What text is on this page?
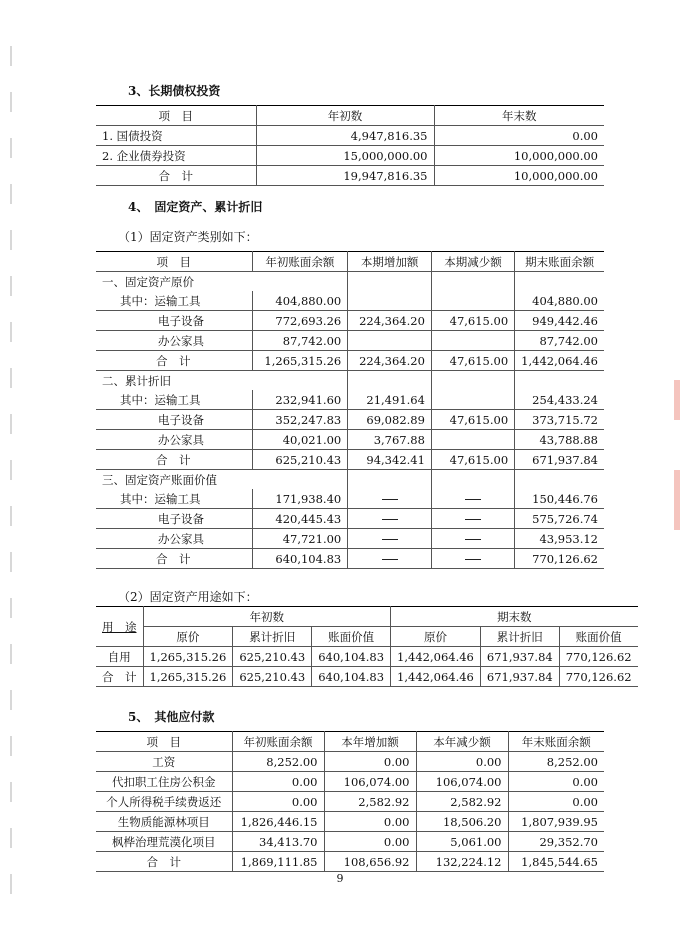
3、长期债权投资
项　目	年初数	年末数
1. 国债投资	4,947,816.35	0.00
2. 企业债券投资	15,000,000.00	10,000,000.00
合　计	19,947,816.35	10,000,000.00
4、　固定资产、累计折旧
（1）固定资产类别如下：
项　目	年初账面余额	本期增加额	本期减少额	期末账面余额
一、固定资产原价				
其中：运输工具	404,880.00			404,880.00
电子设备	772,693.26	224,364.20	47,615.00	949,442.46
办公家具	87,742.00			87,742.00
合　计	1,265,315.26	224,364.20	47,615.00	1,442,064.46
二、累计折旧				
其中：运输工具	232,941.60	21,491.64		254,433.24
电子设备	352,247.83	69,082.89	47,615.00	373,715.72
办公家具	40,021.00	3,767.88		43,788.88
合　计	625,210.43	94,342.41	47,615.00	671,937.84
三、固定资产账面价值				
其中：运输工具	171,938.40			150,446.76
电子设备	420,445.43			575,726.74
办公家具	47,721.00			43,953.12
合　计	640,104.83			770,126.62
（2）固定资产用途如下：
用　途	年初数			期末数		
	原价	累计折旧	账面价值	原价	累计折旧	账面价值
自用	1,265,315.26	625,210.43	640,104.83	1,442,064.46	671,937.84	770,126.62
合　计	1,265,315.26	625,210.43	640,104.83	1,442,064.46	671,937.84	770,126.62
5、　其他应付款
项　目	年初账面余额	本年增加额	本年减少额	年末账面余额
工资	8,252.00	0.00	0.00	8,252.00
代扣职工住房公积金	0.00	106,074.00	106,074.00	0.00
个人所得税手续费返还	0.00	2,582.92	2,582.92	0.00
生物质能源林项目	1,826,446.15	0.00	18,506.20	1,807,939.95
枫桦治理荒漠化项目	34,413.70	0.00	5,061.00	29,352.70
合　计	1,869,111.85	108,656.92	132,224.12	1,845,544.65
9
